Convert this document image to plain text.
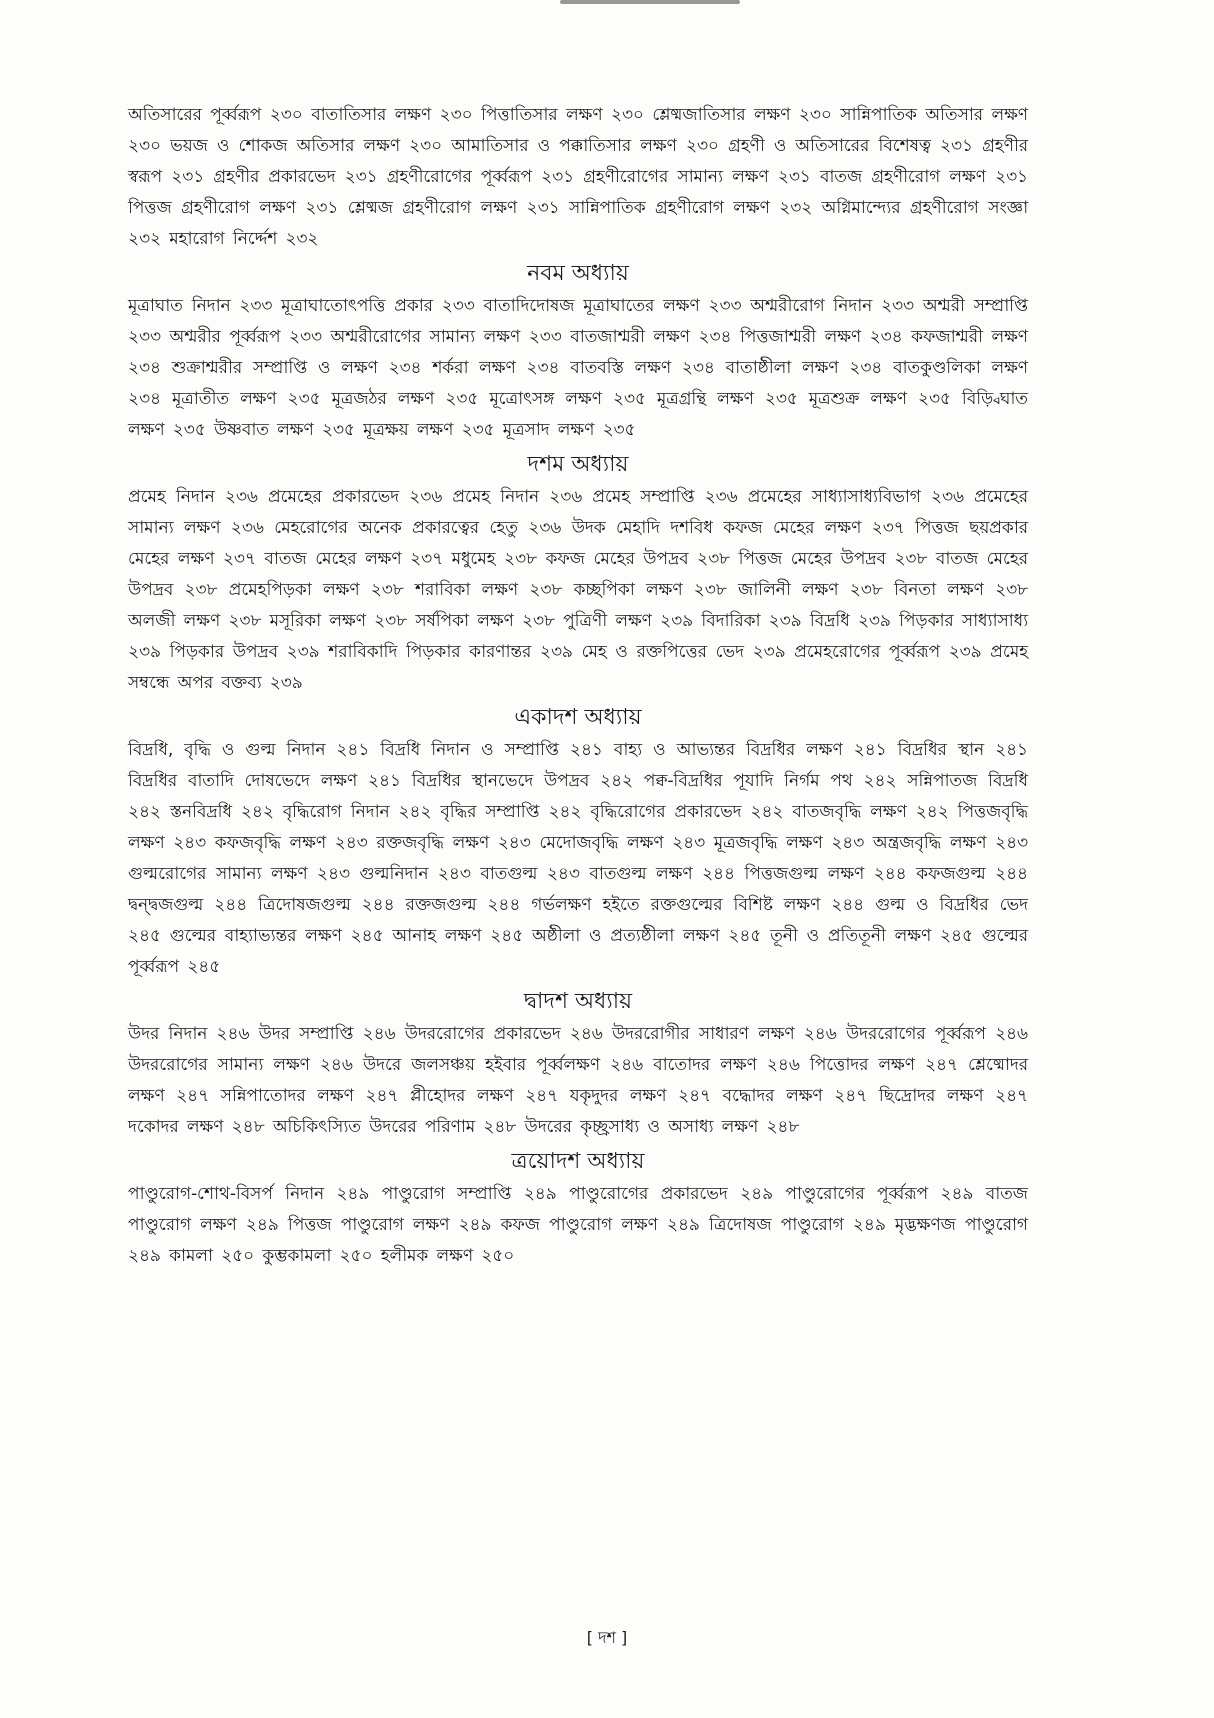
অতিসারের পূর্ব্বরূপ ২৩০ বাতাতিসার লক্ষণ ২৩০ পিত্তাতিসার লক্ষণ ২৩০ শ্লেষ্মজাতিসার লক্ষণ ২৩০ সান্নিপাতিক অতিসার লক্ষণ ২৩০ ভয়জ ও শোকজ অতিসার লক্ষণ ২৩০ আমাতিসার ও পক্কাতিসার লক্ষণ ২৩০ গ্রহণী ও অতিসারের বিশেষত্ব ২৩১ গ্রহণীর স্বরূপ ২৩১ গ্রহণীর প্রকারভেদ ২৩১ গ্রহণীরোগের পূর্ব্বরূপ ২৩১ গ্রহণীরোগের সামান্য লক্ষণ ২৩১ বাতজ গ্রহণীরোগ লক্ষণ ২৩১ পিত্তজ গ্রহণীরোগ লক্ষণ ২৩১ শ্লেষ্মজ গ্রহণীরোগ লক্ষণ ২৩১ সান্নিপাতিক গ্রহণীরোগ লক্ষণ ২৩২ অগ্নিমান্দ্যের গ্রহণীরোগ সংজ্ঞা ২৩২ মহারোগ নির্দ্দেশ ২৩২

নবম অধ্যায়

মূত্রাঘাত নিদান ২৩৩ মূত্রাঘাতোৎপত্তি প্রকার ২৩৩ বাতাদিদোষজ মূত্রাঘাতের লক্ষণ ২৩৩ অশ্মরীরোগ নিদান ২৩৩ অশ্মরী সম্প্রাপ্তি ২৩৩ অশ্মরীর পূর্ব্বরূপ ২৩৩ অশ্মরীরোগের সামান্য লক্ষণ ২৩৩ বাতজাশ্মরী লক্ষণ ২৩৪ পিত্তজাশ্মরী লক্ষণ ২৩৪ কফজাশ্মরী লক্ষণ ২৩৪ শুক্রাশ্মরীর সম্প্রাপ্তি ও লক্ষণ ২৩৪ শর্করা লক্ষণ ২৩৪ বাতবস্তি লক্ষণ ২৩৪ বাতাষ্ঠীলা লক্ষণ ২৩৪ বাতকুণ্ডলিকা লক্ষণ ২৩৪ মূত্রাতীত লক্ষণ ২৩৫ মূত্রজঠর লক্ষণ ২৩৫ মূত্রোৎসঙ্গ লক্ষণ ২৩৫ মূত্রগ্রন্থি লক্ষণ ২৩৫ মূত্রশুক্র লক্ষণ ২৩৫ বিড়্বিঘাত লক্ষণ ২৩৫ উষ্ণবাত লক্ষণ ২৩৫ মূত্রক্ষয় লক্ষণ ২৩৫ মূত্রসাদ লক্ষণ ২৩৫

দশম অধ্যায়

প্রমেহ নিদান ২৩৬ প্রমেহের প্রকারভেদ ২৩৬ প্রমেহ নিদান ২৩৬ প্রমেহ সম্প্রাপ্তি ২৩৬ প্রমেহের সাধ্যাসাধ্যবিভাগ ২৩৬ প্রমেহের সামান্য লক্ষণ ২৩৬ মেহরোগের অনেক প্রকারত্বের হেতু ২৩৬ উদক মেহাদি দশবিধ কফজ মেহের লক্ষণ ২৩৭ পিত্তজ ছয়প্রকার মেহের লক্ষণ ২৩৭ বাতজ মেহের লক্ষণ ২৩৭ মধুমেহ ২৩৮ কফজ মেহের উপদ্রব ২৩৮ পিত্তজ মেহের উপদ্রব ২৩৮ বাতজ মেহের উপদ্রব ২৩৮ প্রমেহপিড়কা লক্ষণ ২৩৮ শরাবিকা লক্ষণ ২৩৮ কচ্ছপিকা লক্ষণ ২৩৮ জালিনী লক্ষণ ২৩৮ বিনতা লক্ষণ ২৩৮ অলজী লক্ষণ ২৩৮ মসূরিকা লক্ষণ ২৩৮ সর্ষপিকা লক্ষণ ২৩৮ পুত্রিণী লক্ষণ ২৩৯ বিদারিকা ২৩৯ বিদ্রধি ২৩৯ পিড়কার সাধ্যাসাধ্য ২৩৯ পিড়কার উপদ্রব ২৩৯ শরাবিকাদি পিড়কার কারণান্তর ২৩৯ মেহ ও রক্তপিত্তের ভেদ ২৩৯ প্রমেহরোগের পূর্ব্বরূপ ২৩৯ প্রমেহ সম্বন্ধে অপর বক্তব্য ২৩৯

একাদশ অধ্যায়

বিদ্রধি, বৃদ্ধি ও গুল্ম নিদান ২৪১ বিদ্রধি নিদান ও সম্প্রাপ্তি ২৪১ বাহ্য ও আভ্যন্তর বিদ্রধির লক্ষণ ২৪১ বিদ্রধির স্থান ২৪১ বিদ্রধির বাতাদি দোষভেদে লক্ষণ ২৪১ বিদ্রধির স্থানভেদে উপদ্রব ২৪২ পক্ব-বিদ্রধির পূযাদি নির্গম পথ ২৪২ সন্নিপাতজ বিদ্রধি ২৪২ স্তনবিদ্রধি ২৪২ বৃদ্ধিরোগ নিদান ২৪২ বৃদ্ধির সম্প্রাপ্তি ২৪২ বৃদ্ধিরোগের প্রকারভেদ ২৪২ বাতজবৃদ্ধি লক্ষণ ২৪২ পিত্তজবৃদ্ধি লক্ষণ ২৪৩ কফজবৃদ্ধি লক্ষণ ২৪৩ রক্তজবৃদ্ধি লক্ষণ ২৪৩ মেদোজবৃদ্ধি লক্ষণ ২৪৩ মূত্রজবৃদ্ধি লক্ষণ ২৪৩ অন্ত্রজবৃদ্ধি লক্ষণ ২৪৩ গুল্মরোগের সামান্য লক্ষণ ২৪৩ গুল্মনিদান ২৪৩ বাতগুল্ম ২৪৩ বাতগুল্ম লক্ষণ ২৪৪ পিত্তজগুল্ম লক্ষণ ২৪৪ কফজগুল্ম ২৪৪ দ্বন্দ্বজগুল্ম ২৪৪ ত্রিদোষজগুল্ম ২৪৪ রক্তজগুল্ম ২৪৪ গর্ভলক্ষণ হইতে রক্তগুল্মের বিশিষ্ট লক্ষণ ২৪৪ গুল্ম ও বিদ্রধির ভেদ ২৪৫ গুল্মের বাহ্যাভ্যন্তর লক্ষণ ২৪৫ আনাহ লক্ষণ ২৪৫ অষ্ঠীলা ও প্রত্যষ্ঠীলা লক্ষণ ২৪৫ তূনী ও প্রতিতূনী লক্ষণ ২৪৫ গুল্মের পূর্ব্বরূপ ২৪৫

দ্বাদশ অধ্যায়

উদর নিদান ২৪৬ উদর সম্প্রাপ্তি ২৪৬ উদররোগের প্রকারভেদ ২৪৬ উদররোগীর সাধারণ লক্ষণ ২৪৬ উদররোগের পূর্ব্বরূপ ২৪৬ উদররোগের সামান্য লক্ষণ ২৪৬ উদরে জলসঞ্চয় হইবার পূর্ব্বলক্ষণ ২৪৬ বাতোদর লক্ষণ ২৪৬ পিত্তোদর লক্ষণ ২৪৭ শ্লেষ্মোদর লক্ষণ ২৪৭ সন্নিপাতোদর লক্ষণ ২৪৭ প্লীহোদর লক্ষণ ২৪৭ যকৃদুদর লক্ষণ ২৪৭ বদ্ধোদর লক্ষণ ২৪৭ ছিদ্রোদর লক্ষণ ২৪৭ দকোদর লক্ষণ ২৪৮ অচিকিৎস্যিত উদরের পরিণাম ২৪৮ উদরের কৃচ্ছ্রসাধ্য ও অসাধ্য লক্ষণ ২৪৮

ত্রয়োদশ অধ্যায়

পাণ্ডুরোগ-শোথ-বিসর্প নিদান ২৪৯ পাণ্ডুরোগ সম্প্রাপ্তি ২৪৯ পাণ্ডুরোগের প্রকারভেদ ২৪৯ পাণ্ডুরোগের পূর্ব্বরূপ ২৪৯ বাতজ পাণ্ডুরোগ লক্ষণ ২৪৯ পিত্তজ পাণ্ডুরোগ লক্ষণ ২৪৯ কফজ পাণ্ডুরোগ লক্ষণ ২৪৯ ত্রিদোষজ পাণ্ডুরোগ ২৪৯ মৃদ্ভক্ষণজ পাণ্ডুরোগ ২৪৯ কামলা ২৫০ কুম্ভকামলা ২৫০ হলীমক লক্ষণ ২৫০

[ দশ ]
